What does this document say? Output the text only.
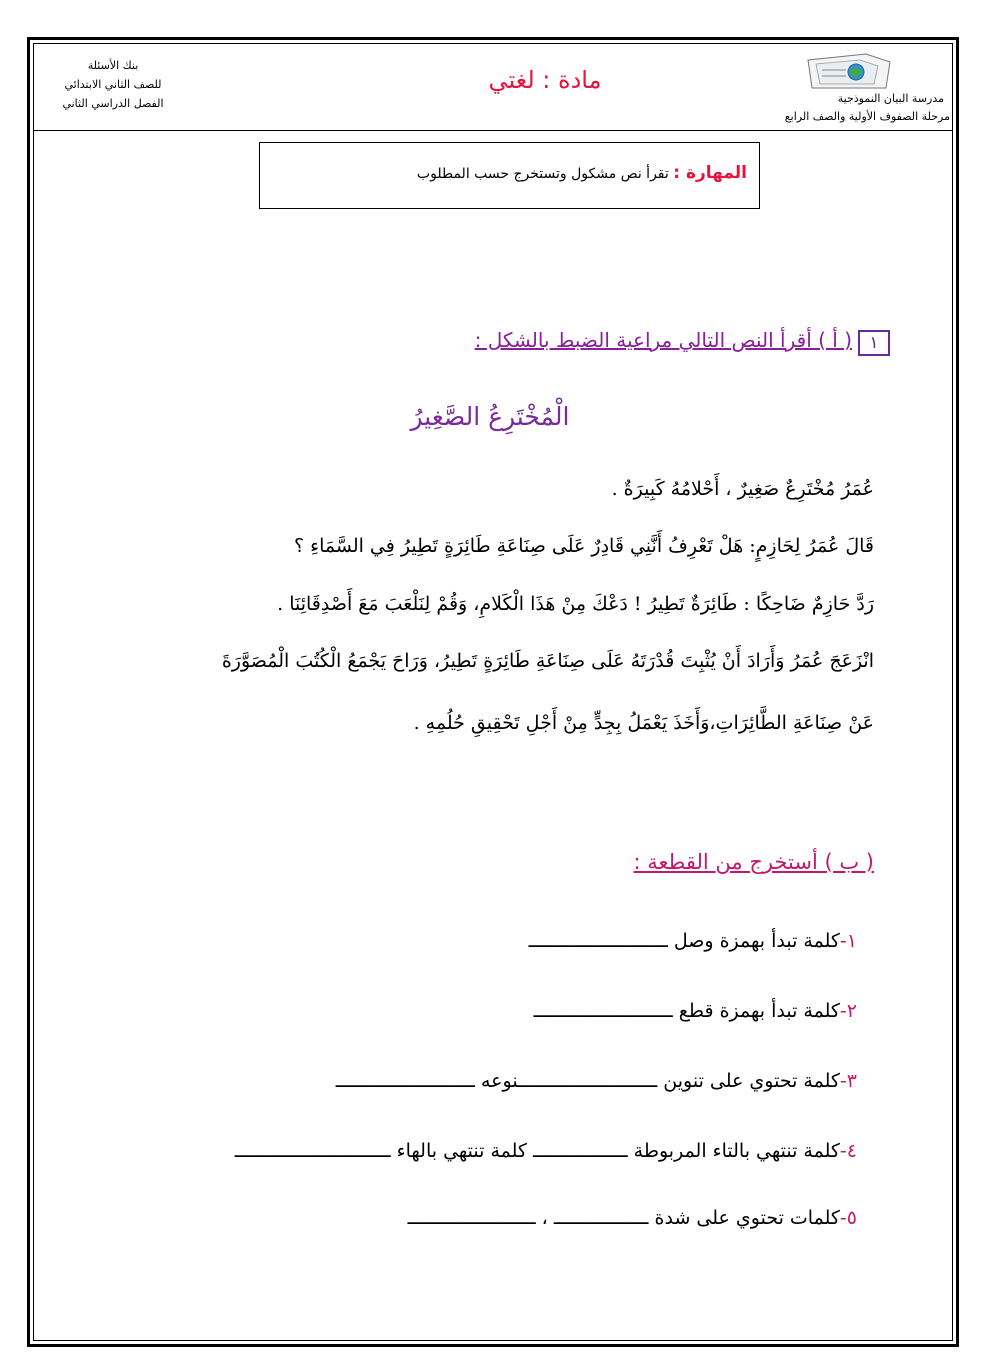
مدرسة البيان النموذجية
مرحلة الصفوف الأولية والصف الرابع
مادة : لغتي
بنك الأسئلة
للصف الثاني الابتدائي
الفصل الدراسي الثاني
المهارة : تقرأ نص مشكول وتستخرج حسب المطلوب
١
( أ ) أقرأ النص التالي مراعية الضبط بالشكل :
الْمُخْتَرِعُ الصَّغِيرُ
عُمَرُ مُخْتَرِعٌ صَغِيرٌ ، أَحْلامُهُ كَبِيرَةٌ .
قَالَ عُمَرُ لِحَازِمٍ: هَلْ تَعْرِفُ أَنَّنِي قَادِرٌ عَلَى صِنَاعَةِ طَائِرَةٍ تَطِيرُ فِي السَّمَاءِ ؟
رَدَّ حَازِمٌ ضَاحِكًا : طَائِرَةٌ تَطِيرُ ! دَعْكَ مِنْ هَذَا الْكَلامِ، وَقُمْ لِنَلْعَبَ مَعَ أَصْدِقَائِنَا .
انْزَعَجَ عُمَرُ وَأَرَادَ أَنْ يُثْبِتَ قُدْرَتَهُ عَلَى صِنَاعَةِ طَائِرَةٍ تَطِيرُ، وَرَاحَ يَجْمَعُ الْكُتُبَ الْمُصَوَّرَةَ
عَنْ صِنَاعَةِ الطَّائِرَاتِ،وَأَخَذَ يَعْمَلُ بِجِدٍّ مِنْ أَجْلِ تَحْقِيقِ حُلُمِهِ .
( ب ) أستخرج من القطعة :
١-كلمة تبدأ بهمزة وصل ـــــــــــــــــــــــــ
٢-كلمة تبدأ بهمزة قطع ـــــــــــــــــــــــــ
٣-كلمة تحتوي على تنوين ـــــــــــــــــــــــــنوعه ـــــــــــــــــــــــــ
٤-كلمة تنتهي بالتاء المربوطة ـــــــــــــــــ كلمة تنتهي بالهاء ــــــــــــــــــــــــــــ
٥-كلمات تحتوي على شدة ـــــــــــــــــ ، ـــــــــــــــــــــــ
